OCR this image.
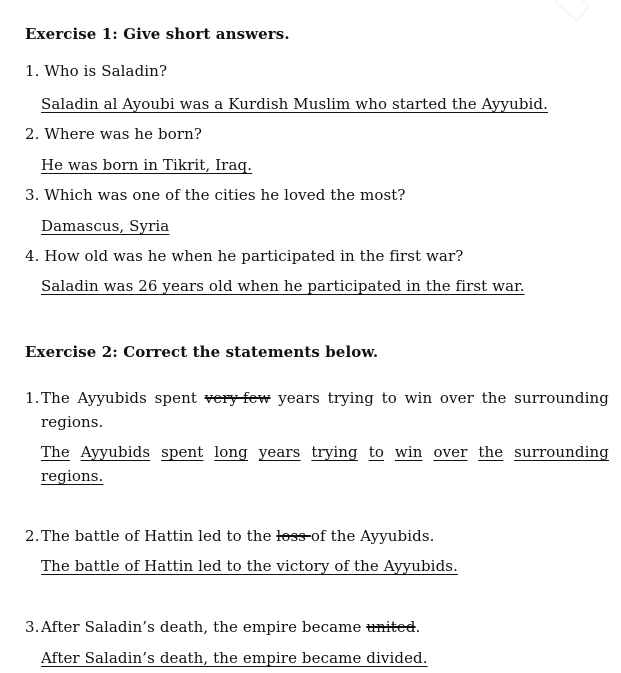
Exercise 1: Give short answers.
1. Who is Saladin?
Saladin al Ayoubi was a Kurdish Muslim who started the Ayyubid.
2. Where was he born?
He was born in Tikrit, Iraq.
3. Which was one of the cities he loved the most?
Damascus, Syria
4. How old was he when he participated in the first war?
Saladin was 26 years old when he participated in the first war.
Exercise 2: Correct the statements below.
1. The Ayyubids spent very few years trying to win over the surrounding
regions.
The Ayyubids spent long years trying to win over the surrounding
regions.
2. The battle of Hattin led to the loss of the Ayyubids.
The battle of Hattin led to the victory of the Ayyubids.
3. After Saladin’s death, the empire became united.
After Saladin’s death, the empire became divided.
